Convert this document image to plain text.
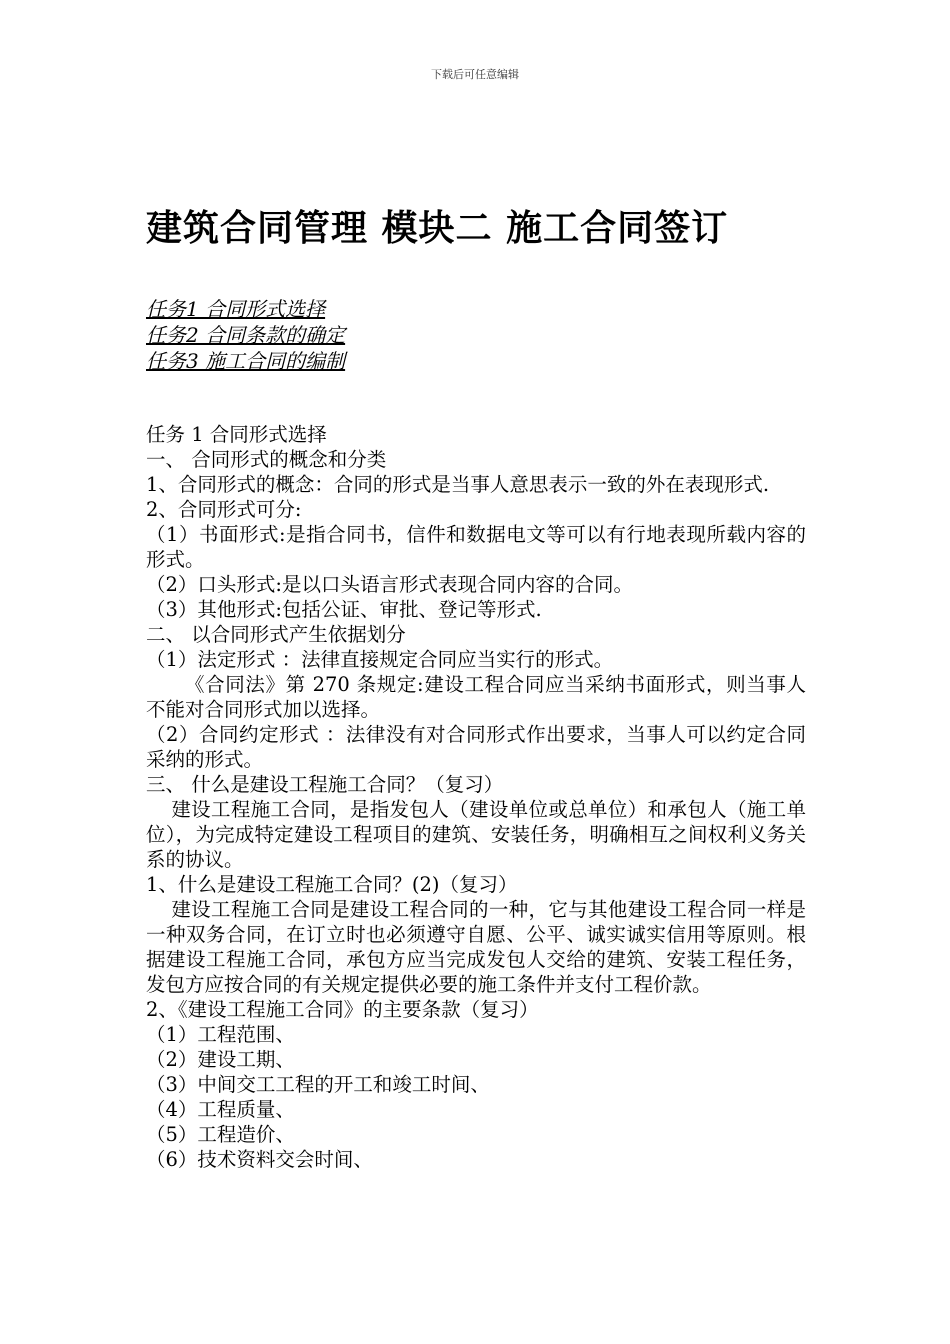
下载后可任意编辑
建筑合同管理 模块二 施工合同签订
任务1 合同形式选择
任务2 合同条款的确定
任务3 施工合同的编制

任务 1 合同形式选择

一、 合同形式的概念和分类

1、合同形式的概念：合同的形式是当事人意思表示一致的外在表现形式.

2、合同形式可分:

（1）书面形式:是指合同书，信件和数据电文等可以有行地表现所载内容的形式。

（2）口头形式:是以口头语言形式表现合同内容的合同。

（3）其他形式:包括公证、审批、登记等形式.

二、 以合同形式产生依据划分

（1）法定形式 ：法律直接规定合同应当实行的形式。

《合同法》第 270 条规定:建设工程合同应当采纳书面形式，则当事人不能对合同形式加以选择。

（2）合同约定形式 ：法律没有对合同形式作出要求，当事人可以约定合同采纳的形式。

三、 什么是建设工程施工合同？（复习）

建设工程施工合同，是指发包人（建设单位或总单位）和承包人（施工单位），为完成特定建设工程项目的建筑、安装任务，明确相互之间权利义务关系的协议。

1、什么是建设工程施工合同？(2)（复习）

建设工程施工合同是建设工程合同的一种，它与其他建设工程合同一样是一种双务合同，在订立时也必须遵守自愿、公平、诚实诚实信用等原则。根据建设工程施工合同，承包方应当完成发包人交给的建筑、安装工程任务，发包方应按合同的有关规定提供必要的施工条件并支付工程价款。

2、《建设工程施工合同》的主要条款（复习）

（1）工程范围、

（2）建设工期、

（3）中间交工工程的开工和竣工时间、

（4）工程质量、

（5）工程造价、

（6）技术资料交会时间、
